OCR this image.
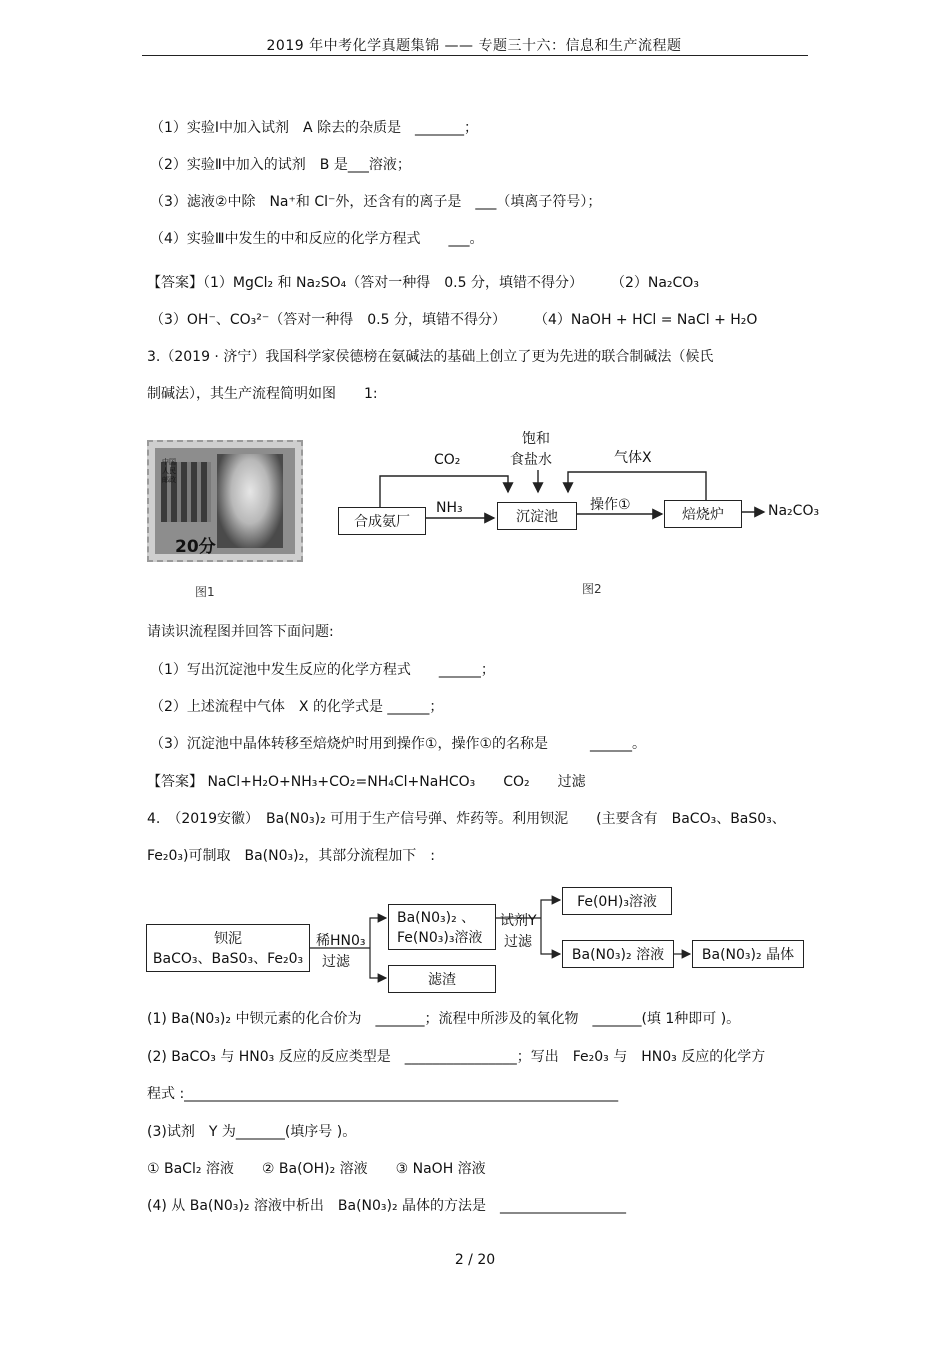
2019 年中考化学真题集锦 —— 专题三十六：信息和生产流程题
（1）实验Ⅰ中加入试剂　A 除去的杂质是　_______；
（2）实验Ⅱ中加入的试剂　B 是___溶液；
（3）滤液②中除　Na⁺和 Cl⁻外，还含有的离子是　___（填离子符号）；
（4）实验Ⅲ中发生的中和反应的化学方程式　　___。
【答案】（1）MgCl₂ 和 Na₂SO₄（答对一种得　0.5 分，填错不得分）　　　（2）Na₂CO₃
（3）OH⁻、CO₃²⁻（答对一种得　0.5 分，填错不得分）　　　（4）NaOH + HCl = NaCl + H₂O
3.（2019 · 济宁）我国科学家侯德榜在氨碱法的基础上创立了更为先进的联合制碱法（候氏
制碱法），其生产流程简明如图　　1:
中国人民邮政
20分
图1	图2
合成氨厂	沉淀池	焙烧炉
CO₂
饱和
食盐水	气体X
NH₃	操作①	Na₂CO₃
请读识流程图并回答下面问题:
（1）写出沉淀池中发生反应的化学方程式　　______；
（2）上述流程中气体　X 的化学式是 ______；
（3）沉淀池中晶体转移至焙烧炉时用到操作①，操作①的名称是　　　______。
【答案】 NaCl+H₂O+NH₃+CO₂=NH₄Cl+NaHCO₃　　CO₂　　过滤
4.　（2019安徽）　Ba(N0₃)₂ 可用于生产信号弹、炸药等。利用钡泥　　(主要含有　BaCO₃、BaS0₃、
Fe₂0₃)可制取　Ba(N0₃)₂，其部分流程加下　:
钡泥
BaCO₃、BaS0₃、Fe₂0₃
稀HN0₃
过滤
Ba(N0₃)₂ 、
Fe(N0₃)₃溶液
滤渣
试剂Y
过滤
Fe(0H)₃溶液
Ba(N0₃)₂ 溶液	Ba(N0₃)₂ 晶体
(1) Ba(N0₃)₂ 中钡元素的化合价为　_______；流程中所涉及的氧化物　_______(填 1种即可 )。
(2) BaCO₃ 与 HN0₃ 反应的反应类型是　________________；写出　Fe₂0₃ 与　HN0₃ 反应的化学方
程式 :______________________________________________________________
(3)试剂　Y 为_______(填序号 )。
① BaCl₂ 溶液　　② Ba(OH)₂ 溶液　　③ NaOH 溶液
(4) 从 Ba(N0₃)₂ 溶液中析出　Ba(N0₃)₂ 晶体的方法是　__________________
2 / 20
